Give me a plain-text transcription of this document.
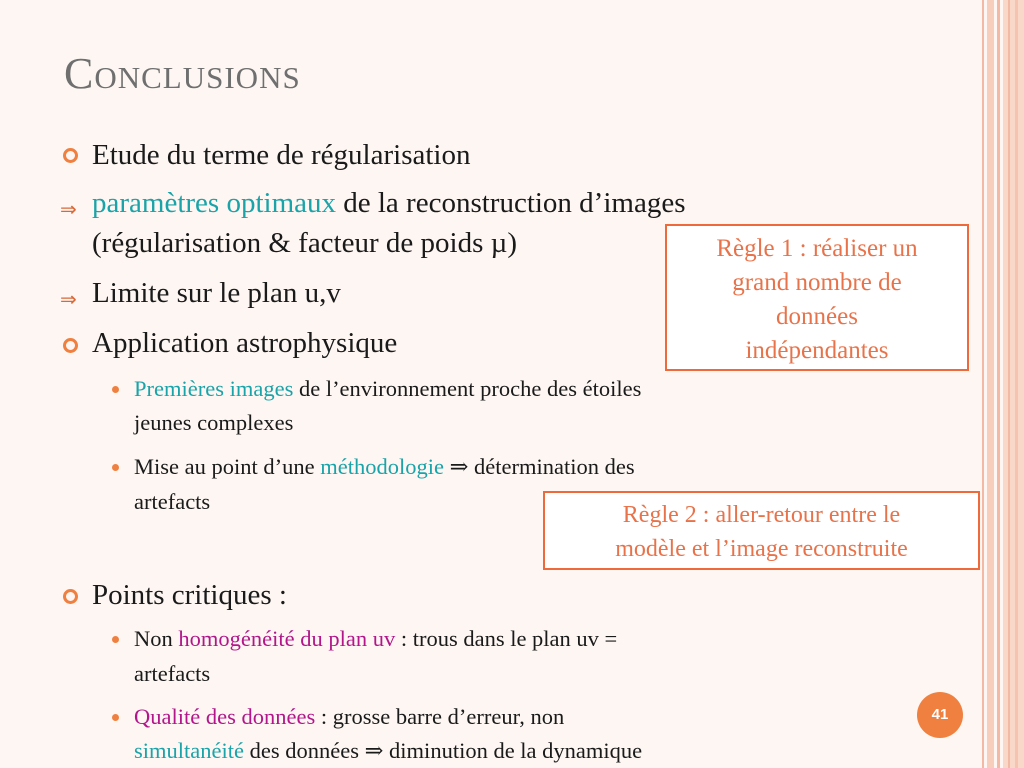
Conclusions
Etude du terme de régularisation
⇒ paramètres optimaux de la reconstruction d’images
(régularisation & facteur de poids µ)
⇒ Limite sur le plan u,v
Application astrophysique
Premières images de l’environnement proche des étoiles
jeunes complexes
Mise au point d’une méthodologie ⇒ détermination des
artefacts
Points critiques :
Non homogénéité du plan uv : trous dans le plan uv =
artefacts
Qualité des données : grosse barre d’erreur, non
simultanéité des données ⇒ diminution de la dynamique
Règle 1 : réaliser un
grand nombre de
données
indépendantes
Règle 2 : aller-retour entre le
modèle et l’image reconstruite
41
